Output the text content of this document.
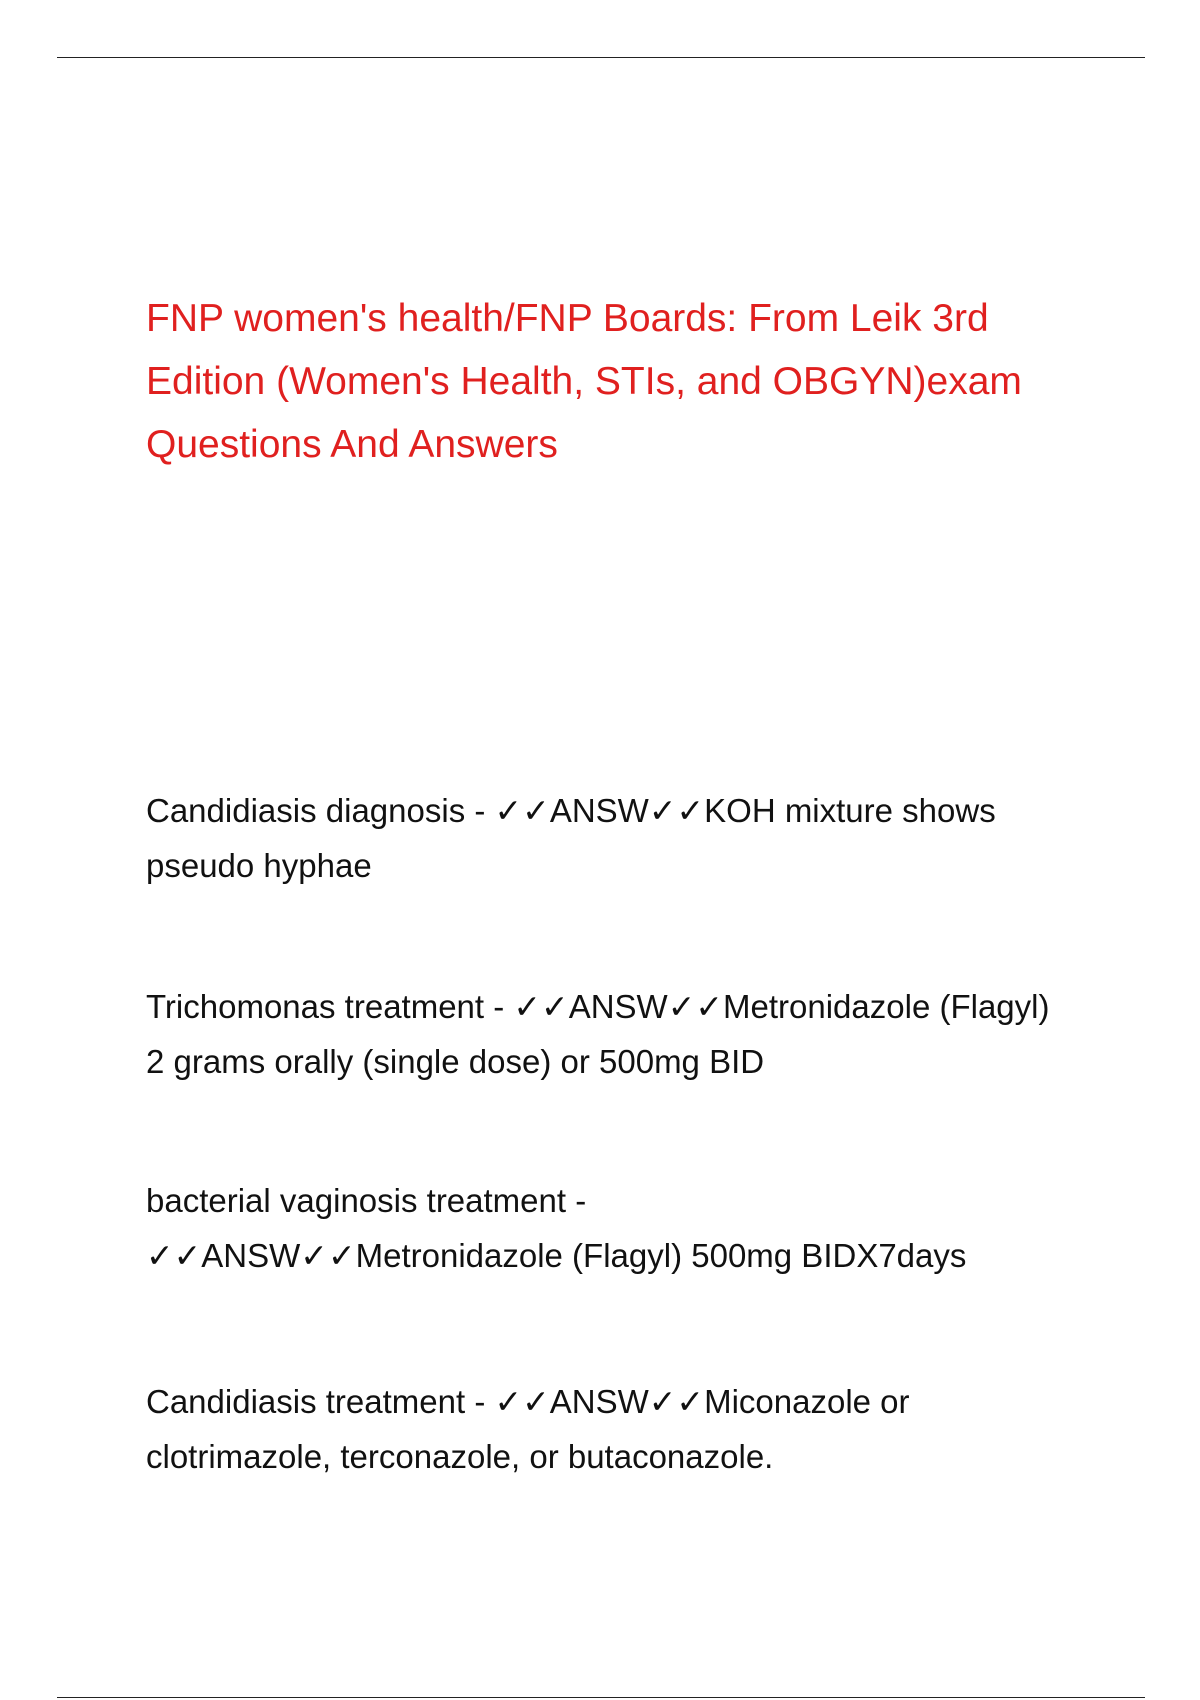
FNP women's health/FNP Boards: From Leik 3rd Edition (Women's Health, STIs, and OBGYN)exam Questions And Answers

Candidiasis diagnosis - ✓✓ANSW✓✓KOH mixture shows pseudo hyphae

Trichomonas treatment - ✓✓ANSW✓✓Metronidazole (Flagyl) 2 grams orally (single dose) or 500mg BID

bacterial vaginosis treatment -
✓✓ANSW✓✓Metronidazole (Flagyl) 500mg BIDX7days

Candidiasis treatment - ✓✓ANSW✓✓Miconazole or clotrimazole, terconazole, or butaconazole.
